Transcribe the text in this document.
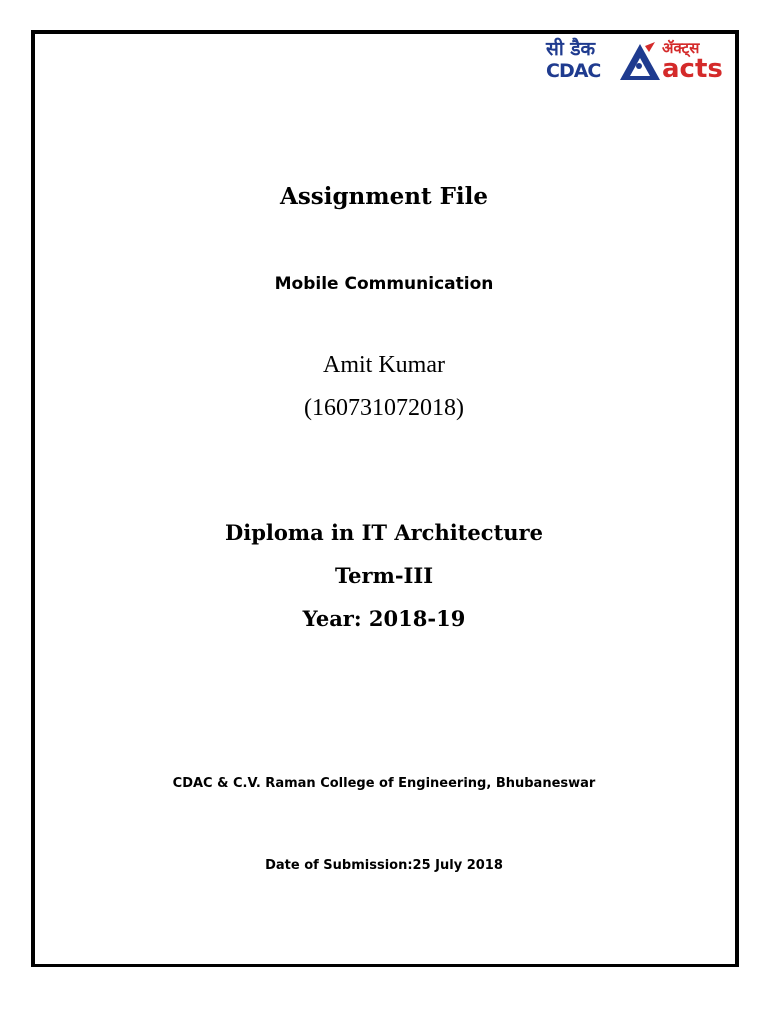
सी डैक
CDAC
ॲक्ट्स
acts
Assignment File
Mobile Communication
Amit Kumar
(160731072018)
Diploma in IT Architecture
Term-III
Year: 2018-19
CDAC & C.V. Raman College of Engineering, Bhubaneswar
Date of Submission:25 July 2018
